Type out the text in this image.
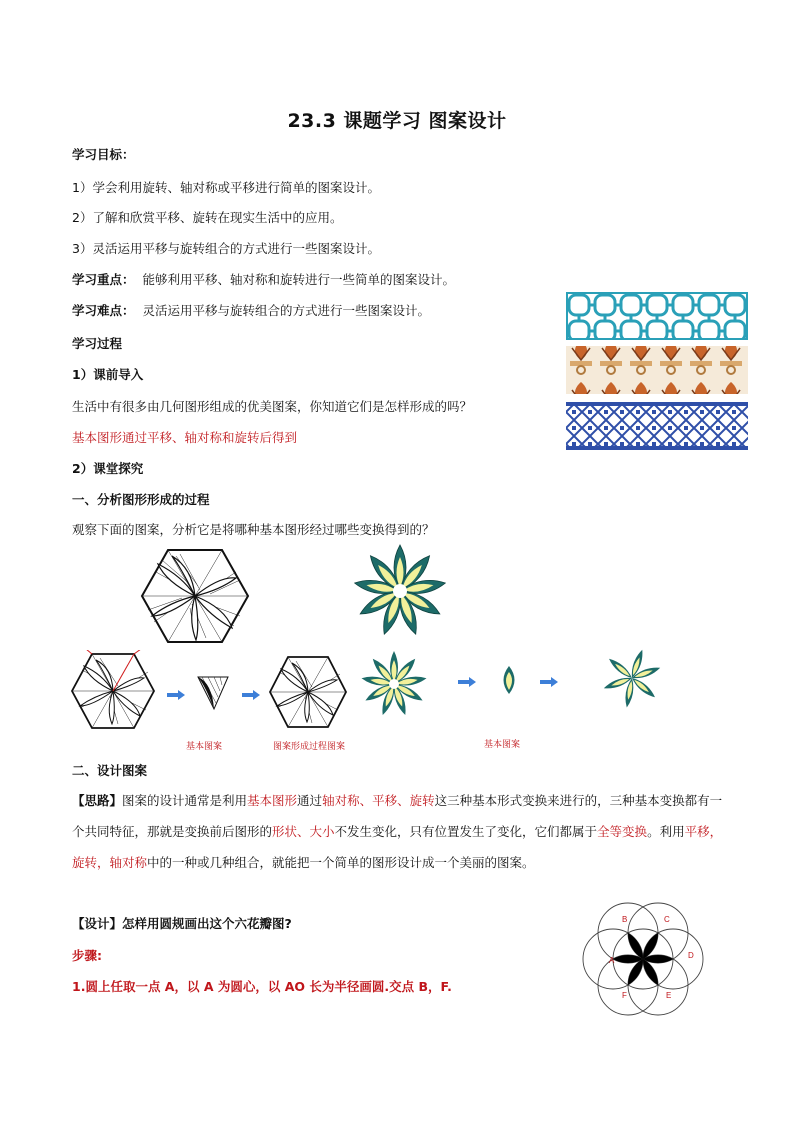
23.3 课题学习 图案设计
学习目标：
1）学会利用旋转、轴对称或平移进行简单的图案设计。
2）了解和欣赏平移、旋转在现实生活中的应用。
3）灵活运用平移与旋转组合的方式进行一些图案设计。
学习重点： 能够利用平移、轴对称和旋转进行一些简单的图案设计。
学习难点： 灵活运用平移与旋转组合的方式进行一些图案设计。
学习过程
1）课前导入
生活中有很多由几何图形组成的优美图案，你知道它们是怎样形成的吗？
基本图形通过平移、轴对称和旋转后得到
2）课堂探究
一、分析图形形成的过程
观察下面的图案，分析它是将哪种基本图形经过哪些变换得到的？
基本图案	图案形成过程图案	基本图案
二、设计图案
【思路】图案的设计通常是利用基本图形通过轴对称、平移、旋转这三种基本形式变换来进行的，三种基本变换都有一个共同特征，那就是变换前后图形的形状、大小不发生变化，只有位置发生了变化，它们都属于全等变换。利用平移，旋转，轴对称中的一种或几种组合，就能把一个简单的图形设计成一个美丽的图案。
【设计】怎样用圆规画出这个六花瓣图?
步骤:
1.圆上任取一点 A，以 A 为圆心，以 AO 长为半径画圆.交点 B，F.
A
B	C
D
E
F
